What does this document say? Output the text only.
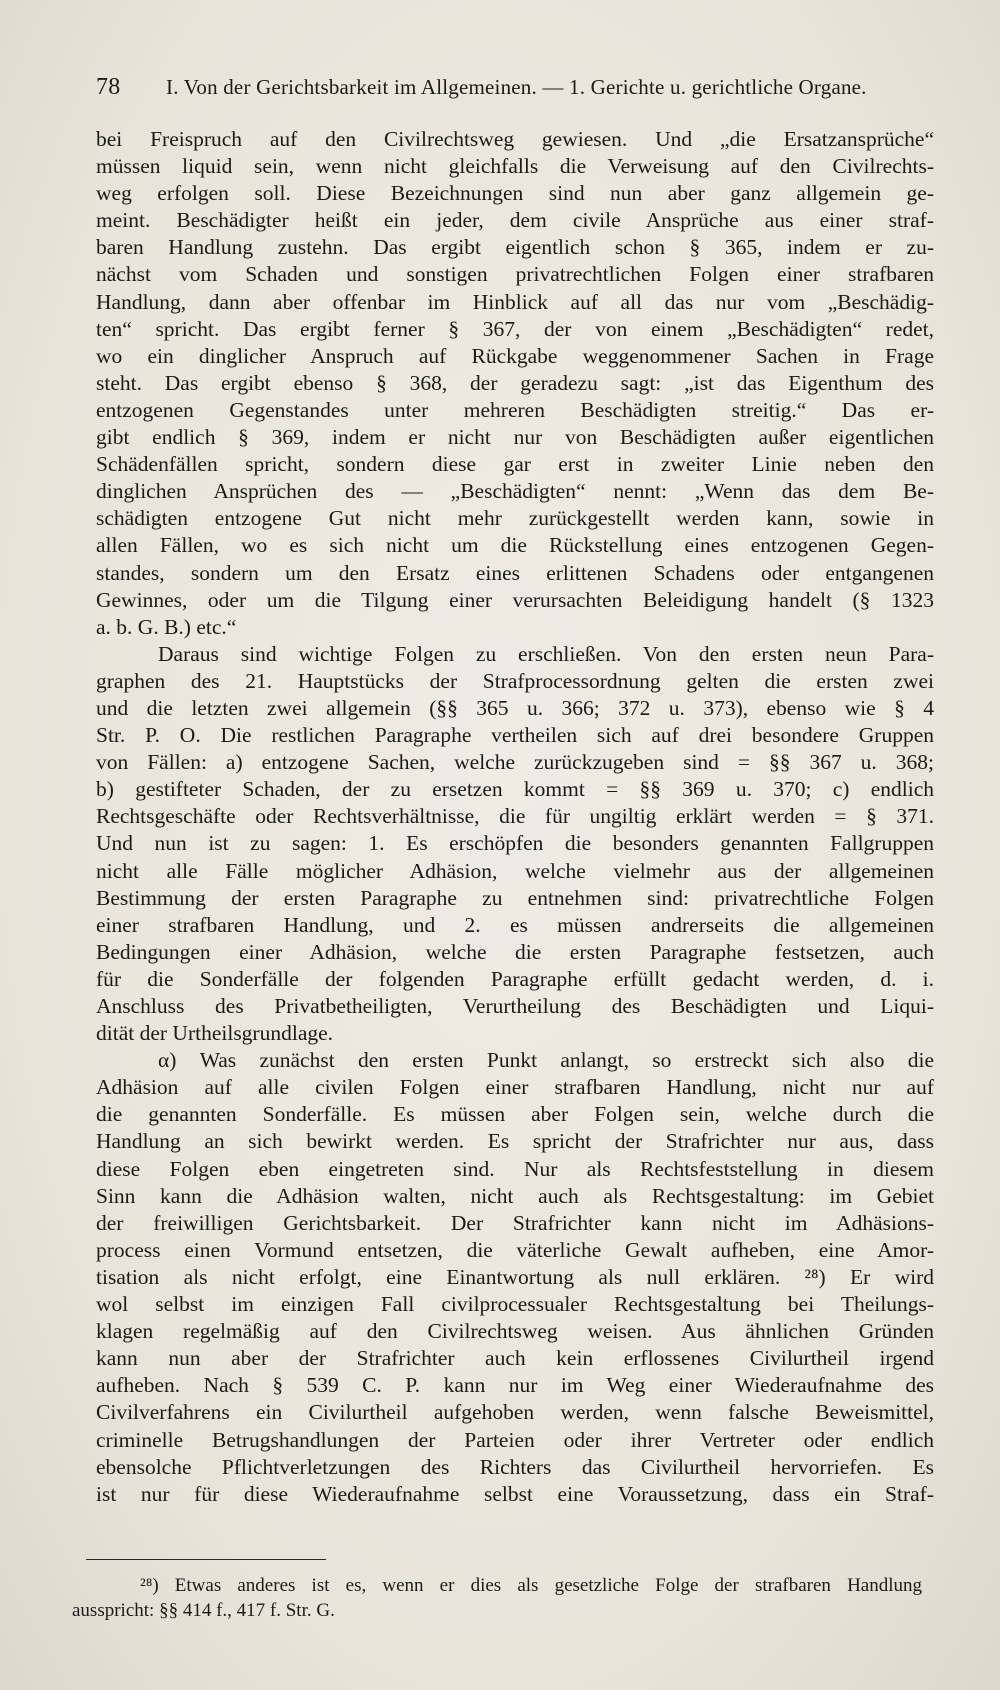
78	I. Von der Gerichtsbarkeit im Allgemeinen. — 1. Gerichte u. gerichtliche Organe.
bei Freispruch auf den Civilrechtsweg gewiesen. Und „die Ersatzansprüche“
müssen liquid sein, wenn nicht gleichfalls die Verweisung auf den Civilrechts-
weg erfolgen soll. Diese Bezeichnungen sind nun aber ganz allgemein ge-
meint. Beschädigter heißt ein jeder, dem civile Ansprüche aus einer straf-
baren Handlung zustehn. Das ergibt eigentlich schon § 365, indem er zu-
nächst vom Schaden und sonstigen privatrechtlichen Folgen einer strafbaren
Handlung, dann aber offenbar im Hinblick auf all das nur vom „Beschädig-
ten“ spricht. Das ergibt ferner § 367, der von einem „Beschädigten“ redet,
wo ein dinglicher Anspruch auf Rückgabe weggenommener Sachen in Frage
steht. Das ergibt ebenso § 368, der geradezu sagt: „ist das Eigenthum des
entzogenen Gegenstandes unter mehreren Beschädigten streitig.“ Das er-
gibt endlich § 369, indem er nicht nur von Beschädigten außer eigentlichen
Schädenfällen spricht, sondern diese gar erst in zweiter Linie neben den
dinglichen Ansprüchen des — „Beschädigten“ nennt: „Wenn das dem Be-
schädigten entzogene Gut nicht mehr zurückgestellt werden kann, sowie in
allen Fällen, wo es sich nicht um die Rückstellung eines entzogenen Gegen-
standes, sondern um den Ersatz eines erlittenen Schadens oder entgangenen
Gewinnes, oder um die Tilgung einer verursachten Beleidigung handelt (§ 1323
a. b. G. B.) etc.“
Daraus sind wichtige Folgen zu erschließen. Von den ersten neun Para-
graphen des 21. Hauptstücks der Strafprocessordnung gelten die ersten zwei
und die letzten zwei allgemein (§§ 365 u. 366; 372 u. 373), ebenso wie § 4
Str. P. O. Die restlichen Paragraphe vertheilen sich auf drei besondere Gruppen
von Fällen: a) entzogene Sachen, welche zurückzugeben sind = §§ 367 u. 368;
b) gestifteter Schaden, der zu ersetzen kommt = §§ 369 u. 370; c) endlich
Rechtsgeschäfte oder Rechtsverhältnisse, die für ungiltig erklärt werden = § 371.
Und nun ist zu sagen: 1. Es erschöpfen die besonders genannten Fallgruppen
nicht alle Fälle möglicher Adhäsion, welche vielmehr aus der allgemeinen
Bestimmung der ersten Paragraphe zu entnehmen sind: privatrechtliche Folgen
einer strafbaren Handlung, und 2. es müssen andrerseits die allgemeinen
Bedingungen einer Adhäsion, welche die ersten Paragraphe festsetzen, auch
für die Sonderfälle der folgenden Paragraphe erfüllt gedacht werden, d. i.
Anschluss des Privatbetheiligten, Verurtheilung des Beschädigten und Liqui-
dität der Urtheilsgrundlage.
α) Was zunächst den ersten Punkt anlangt, so erstreckt sich also die
Adhäsion auf alle civilen Folgen einer strafbaren Handlung, nicht nur auf
die genannten Sonderfälle. Es müssen aber Folgen sein, welche durch die
Handlung an sich bewirkt werden. Es spricht der Strafrichter nur aus, dass
diese Folgen eben eingetreten sind. Nur als Rechtsfeststellung in diesem
Sinn kann die Adhäsion walten, nicht auch als Rechtsgestaltung: im Gebiet
der freiwilligen Gerichtsbarkeit. Der Strafrichter kann nicht im Adhäsions-
process einen Vormund entsetzen, die väterliche Gewalt aufheben, eine Amor-
tisation als nicht erfolgt, eine Einantwortung als null erklären. ²⁸) Er wird
wol selbst im einzigen Fall civilprocessualer Rechtsgestaltung bei Theilungs-
klagen regelmäßig auf den Civilrechtsweg weisen. Aus ähnlichen Gründen
kann nun aber der Strafrichter auch kein erflossenes Civilurtheil irgend
aufheben. Nach § 539 C. P. kann nur im Weg einer Wiederaufnahme des
Civilverfahrens ein Civilurtheil aufgehoben werden, wenn falsche Beweismittel,
criminelle Betrugshandlungen der Parteien oder ihrer Vertreter oder endlich
ebensolche Pflichtverletzungen des Richters das Civilurtheil hervorriefen. Es
ist nur für diese Wiederaufnahme selbst eine Voraussetzung, dass ein Straf-
²⁸) Etwas anderes ist es, wenn er dies als gesetzliche Folge der strafbaren Handlung
ausspricht: §§ 414 f., 417 f. Str. G.
